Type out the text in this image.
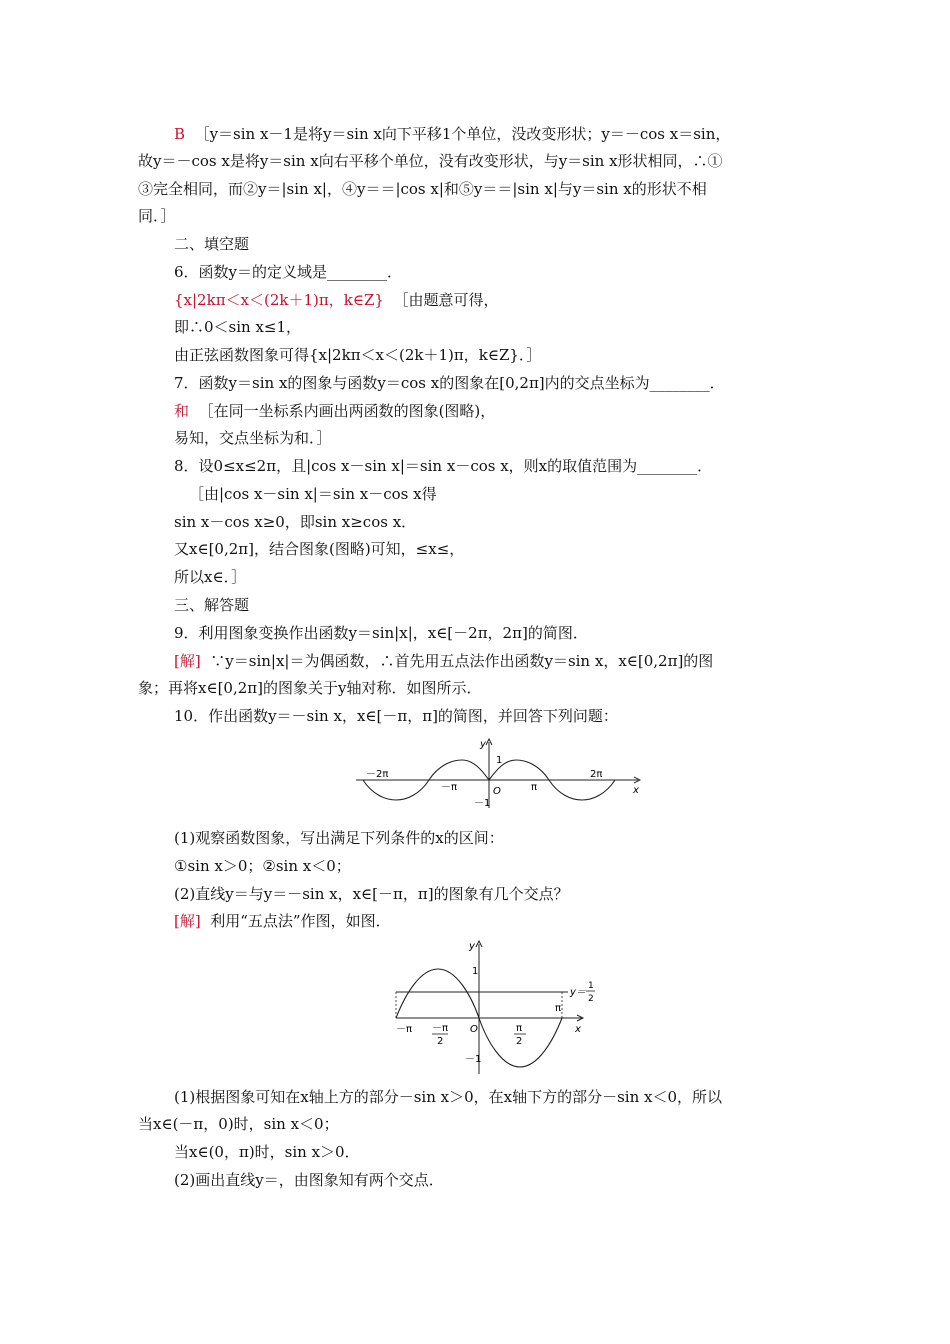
B ［y＝sin x－1是将y＝sin x向下平移1个单位，没改变形状；y＝－cos x＝sin，
故y＝－cos x是将y＝sin x向右平移个单位，没有改变形状，与y＝sin x形状相同，∴①
③完全相同，而②y＝|sin x|，④y＝＝|cos x|和⑤y＝＝|sin x|与y＝sin x的形状不相
同．］
二、填空题
6．函数y＝的定义域是________．
{x|2kπ＜x＜(2k＋1)π，k∈Z} ［由题意可得，
即∴0＜sin x≤1，
由正弦函数图象可得{x|2kπ＜x＜(2k＋1)π，k∈Z}．］
7．函数y＝sin x的图象与函数y＝cos x的图象在[0,2π]内的交点坐标为________．
和 ［在同一坐标系内画出两函数的图象(图略)，
易知，交点坐标为和．］
8．设0≤x≤2π，且|cos x－sin x|＝sin x－cos x，则x的取值范围为________．
［由|cos x－sin x|＝sin x－cos x得
sin x－cos x≥0，即sin x≥cos x．
又x∈[0,2π]，结合图象(图略)可知，≤x≤，
所以x∈．］
三、解答题
9．利用图象变换作出函数y＝sin|x|，x∈[－2π，2π]的简图．
[解] ∵y＝sin|x|＝为偶函数，∴首先用五点法作出函数y＝sin x，x∈[0,2π]的图
象；再将x∈[0,2π]的图象关于y轴对称．如图所示．
10．作出函数y＝－sin x，x∈[－π，π]的简图，并回答下列问题：
x
y
1
－1
O
－2π
－π	π
2π
(1)观察函数图象，写出满足下列条件的x的区间：
①sin x＞0；②sin x＜0；
(2)直线y＝与y＝－sin x，x∈[－π，π]的图象有几个交点？
[解] 利用“五点法”作图，如图．
y
x
1
－1
O
－π
π
－π
2
π
2
y＝
1
2
(1)根据图象可知在x轴上方的部分－sin x＞0，在x轴下方的部分－sin x＜0，所以
当x∈(－π，0)时，sin x＜0；
当x∈(0，π)时，sin x＞0．
(2)画出直线y＝，由图象知有两个交点．
